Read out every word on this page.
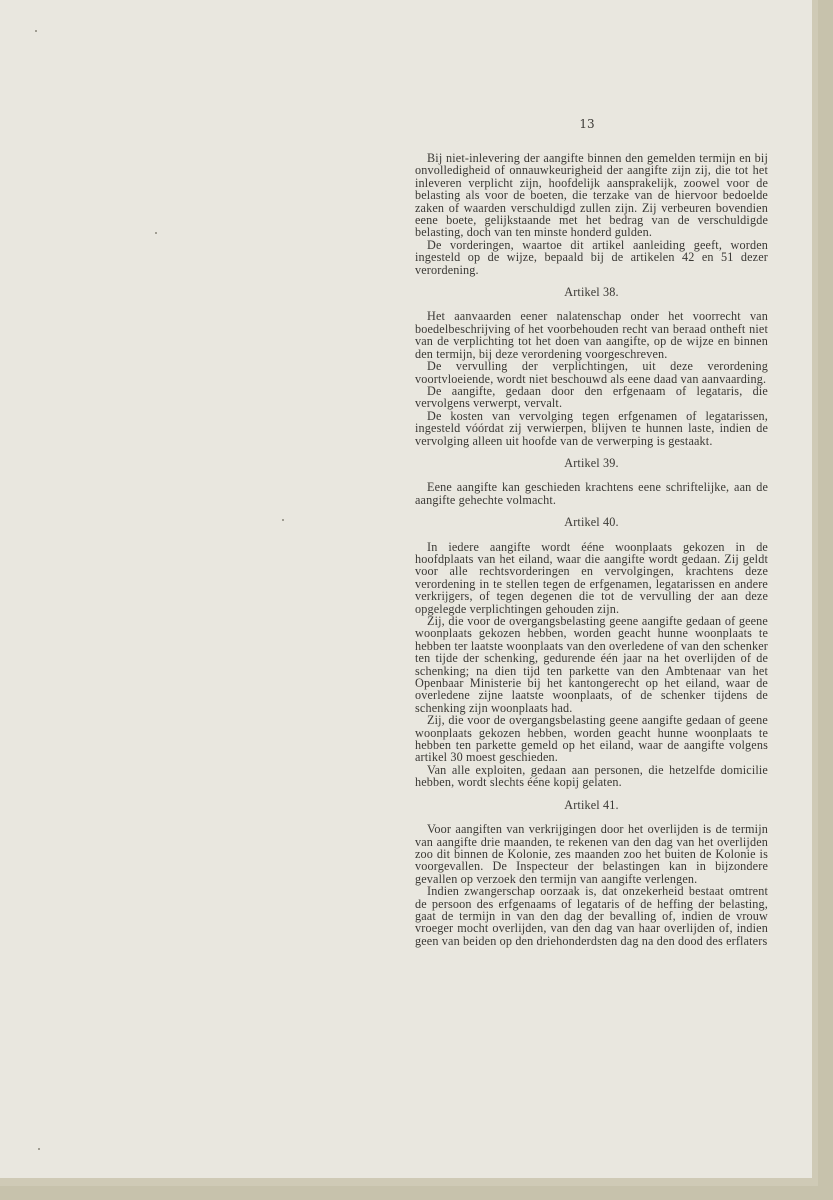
13

Bij niet-inlevering der aangifte binnen den gemelden termijn en bij onvolledigheid of onnauwkeurigheid der aangifte zijn zij, die tot het inleveren verplicht zijn, hoofdelijk aansprakelijk, zoowel voor de belasting als voor de boeten, die terzake van de hiervoor bedoelde zaken of waarden verschuldigd zullen zijn. Zij verbeuren bovendien eene boete, gelijkstaande met het bedrag van de verschuldigde belasting, doch van ten minste honderd gulden.

De vorderingen, waartoe dit artikel aanleiding geeft, worden ingesteld op de wijze, bepaald bij de artikelen 42 en 51 dezer verordening.

Artikel 38.

Het aanvaarden eener nalatenschap onder het voorrecht van boedelbeschrijving of het voorbehouden recht van beraad ontheft niet van de verplichting tot het doen van aangifte, op de wijze en binnen den termijn, bij deze verordening voorgeschreven.

De vervulling der verplichtingen, uit deze verordening voortvloeiende, wordt niet beschouwd als eene daad van aanvaarding.

De aangifte, gedaan door den erfgenaam of legataris, die vervolgens verwerpt, vervalt.

De kosten van vervolging tegen erfgenamen of legatarissen, ingesteld vóórdat zij verwierpen, blijven te hunnen laste, indien de vervolging alleen uit hoofde van de verwerping is gestaakt.

Artikel 39.

Eene aangifte kan geschieden krachtens eene schriftelijke, aan de aangifte gehechte volmacht.

Artikel 40.

In iedere aangifte wordt ééne woonplaats gekozen in de hoofdplaats van het eiland, waar die aangifte wordt gedaan. Zij geldt voor alle rechtsvorderingen en vervolgingen, krachtens deze verordening in te stellen tegen de erfgenamen, legatarissen en andere verkrijgers, of tegen degenen die tot de vervulling der aan deze opgelegde verplichtingen gehouden zijn.

Zij, die voor de overgangsbelasting geene aangifte gedaan of geene woonplaats gekozen hebben, worden geacht hunne woonplaats te hebben ter laatste woonplaats van den overledene of van den schenker ten tijde der schenking, gedurende één jaar na het overlijden of de schenking; na dien tijd ten parkette van den Ambtenaar van het Openbaar Ministerie bij het kantongerecht op het eiland, waar de overledene zijne laatste woonplaats, of de schenker tijdens de schenking zijn woonplaats had.

Zij, die voor de overgangsbelasting geene aangifte gedaan of geene woonplaats gekozen hebben, worden geacht hunne woonplaats te hebben ten parkette gemeld op het eiland, waar de aangifte volgens artikel 30 moest geschieden.

Van alle exploiten, gedaan aan personen, die hetzelfde domicilie hebben, wordt slechts ééne kopij gelaten.

Artikel 41.

Voor aangiften van verkrijgingen door het overlijden is de termijn van aangifte drie maanden, te rekenen van den dag van het overlijden zoo dit binnen de Kolonie, zes maanden zoo het buiten de Kolonie is voorgevallen. De Inspecteur der belastingen kan in bijzondere gevallen op verzoek den termijn van aangifte verlengen.

Indien zwangerschap oorzaak is, dat onzekerheid bestaat omtrent de persoon des erfgenaams of legataris of de heffing der belasting, gaat de termijn in van den dag der bevalling of, indien de vrouw vroeger mocht overlijden, van den dag van haar overlijden of, indien geen van beiden op den driehonderdsten dag na den dood des erflaters
